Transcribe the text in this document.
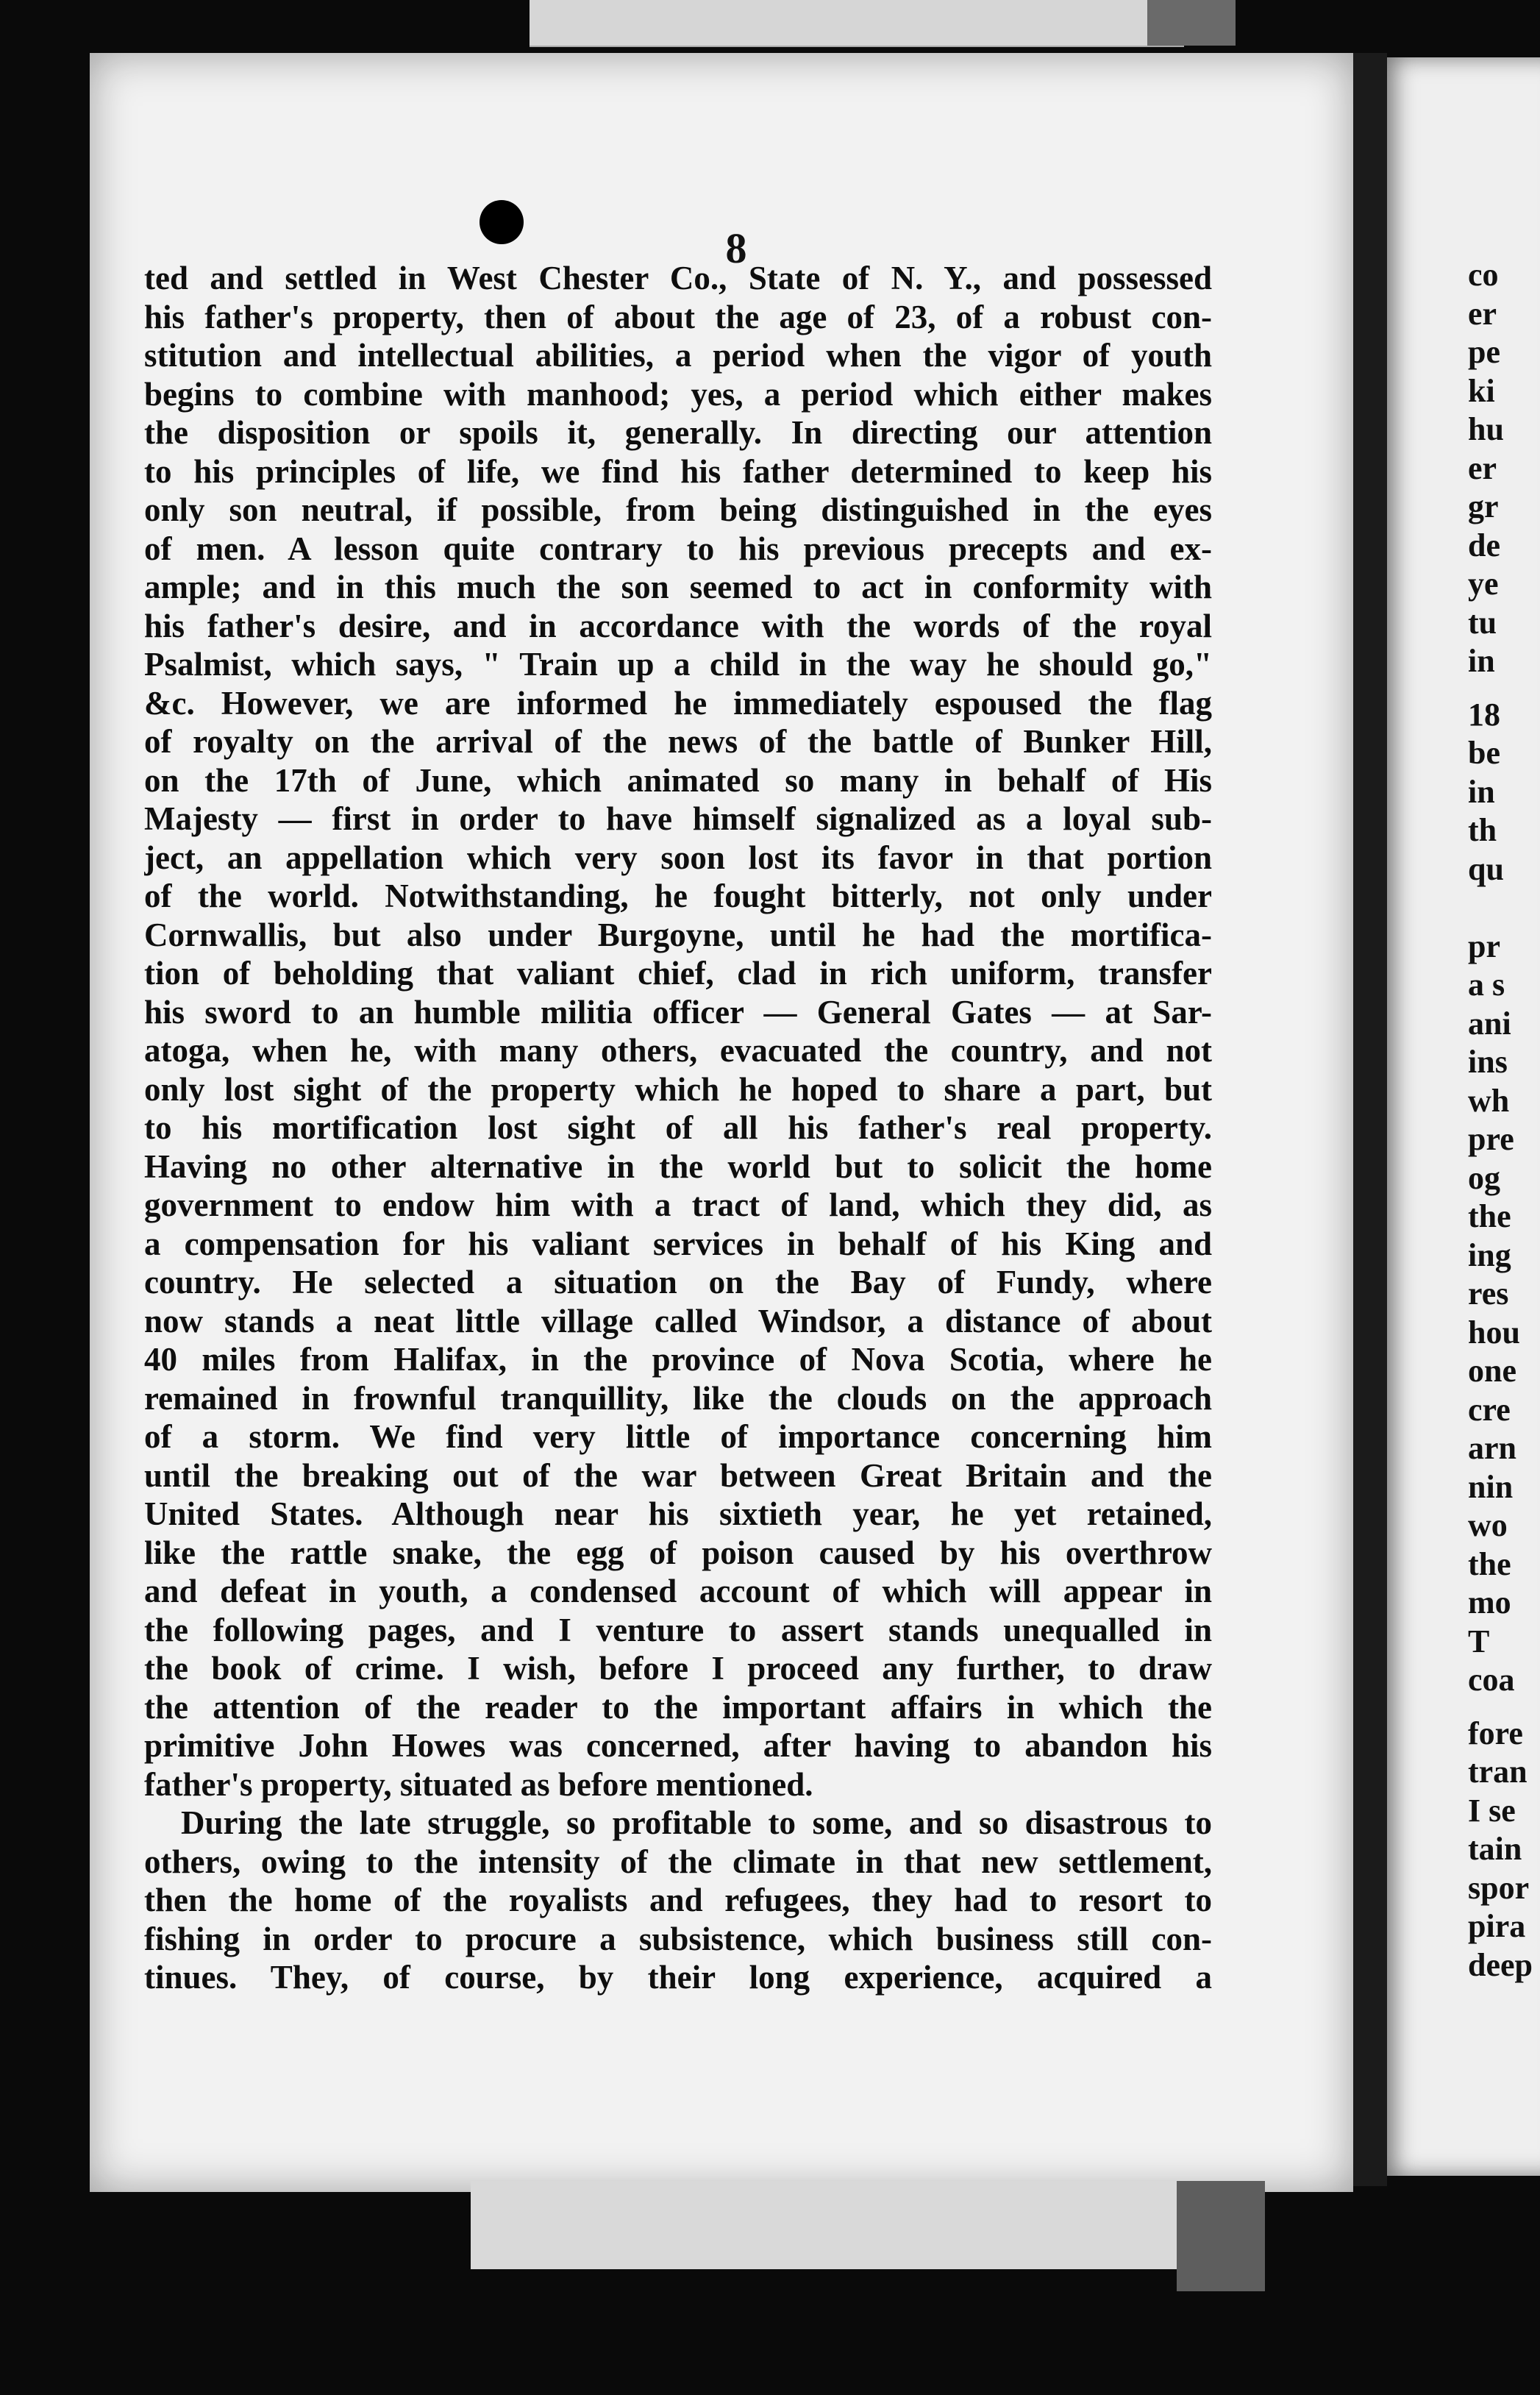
8
ted and settled in West Chester Co., State of N. Y., and possessed
his father's property, then of about the age of 23, of a robust con-
stitution and intellectual abilities, a period when the vigor of youth
begins to combine with manhood; yes, a period which either makes
the disposition or spoils it, generally. In directing our attention
to his principles of life, we find his father determined to keep his
only son neutral, if possible, from being distinguished in the eyes
of men. A lesson quite contrary to his previous precepts and ex-
ample; and in this much the son seemed to act in conformity with
his father's desire, and in accordance with the words of the royal
Psalmist, which says, " Train up a child in the way he should go,"
&c. However, we are informed he immediately espoused the flag
of royalty on the arrival of the news of the battle of Bunker Hill,
on the 17th of June, which animated so many in behalf of His
Majesty — first in order to have himself signalized as a loyal sub-
ject, an appellation which very soon lost its favor in that portion
of the world. Notwithstanding, he fought bitterly, not only under
Cornwallis, but also under Burgoyne, until he had the mortifica-
tion of beholding that valiant chief, clad in rich uniform, transfer
his sword to an humble militia officer — General Gates — at Sar-
atoga, when he, with many others, evacuated the country, and not
only lost sight of the property which he hoped to share a part, but
to his mortification lost sight of all his father's real property.
Having no other alternative in the world but to solicit the home
government to endow him with a tract of land, which they did, as
a compensation for his valiant services in behalf of his King and
country. He selected a situation on the Bay of Fundy, where
now stands a neat little village called Windsor, a distance of about
40 miles from Halifax, in the province of Nova Scotia, where he
remained in frownful tranquillity, like the clouds on the approach
of a storm. We find very little of importance concerning him
until the breaking out of the war between Great Britain and the
United States. Although near his sixtieth year, he yet retained,
like the rattle snake, the egg of poison caused by his overthrow
and defeat in youth, a condensed account of which will appear in
the following pages, and I venture to assert stands unequalled in
the book of crime. I wish, before I proceed any further, to draw
the attention of the reader to the important affairs in which the
primitive John Howes was concerned, after having to abandon his
father's property, situated as before mentioned.
During the late struggle, so profitable to some, and so disastrous to
others, owing to the intensity of the climate in that new settlement,
then the home of the royalists and refugees, they had to resort to
fishing in order to procure a subsistence, which business still con-
tinues. They, of course, by their long experience, acquired a
co
er
pe
ki
hu
er
gr
de
ye
tu
in
18
be
in
th
qu
pr
a s
ani
ins
wh
pre
og
the
ing
res
hou
one
cre
arn
nin
wo
the
mo
T
coa
fore
tran
I se
tain
spor
pira
deep
